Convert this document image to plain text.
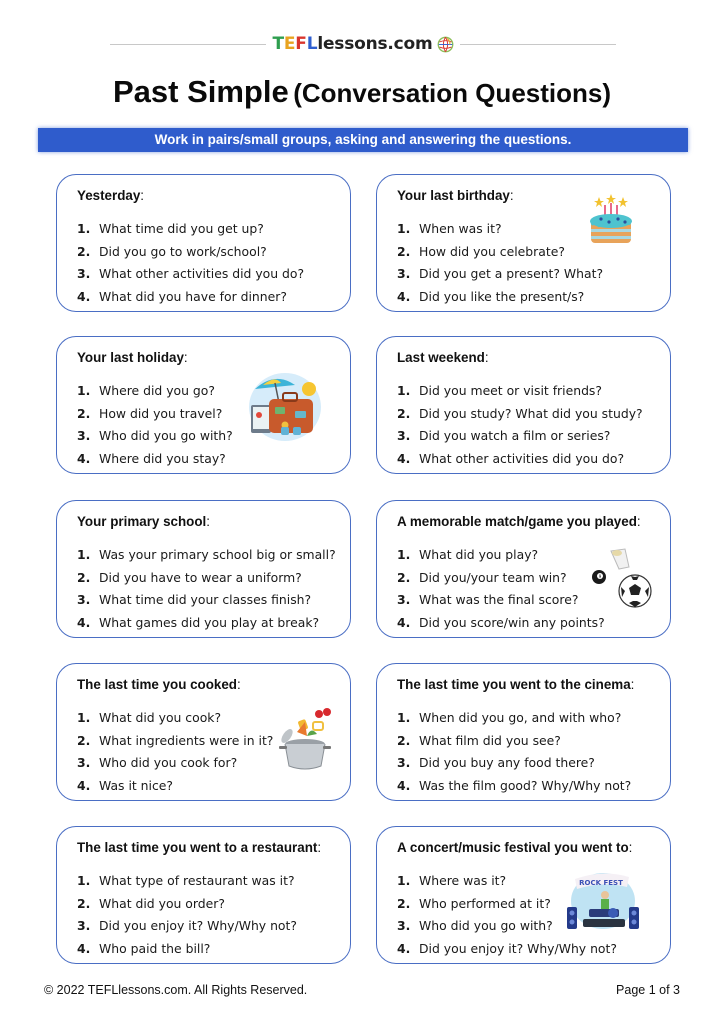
T E F L lessons.com
Past Simple (Conversation Questions)
Work in pairs/small groups, asking and answering the questions.
Yesterday:
1. What time did you get up?
2. Did you go to work/school?
3. What other activities did you do?
4. What did you have for dinner?
Your last birthday:
1. When was it?
2. How did you celebrate?
3. Did you get a present? What?
4. Did you like the present/s?
Your last holiday:
1. Where did you go?
2. How did you travel?
3. Who did you go with?
4. Where did you stay?
Last weekend:
1. Did you meet or visit friends?
2. Did you study? What did you study?
3. Did you watch a film or series?
4. What other activities did you do?
Your primary school:
1. Was your primary school big or small?
2. Did you have to wear a uniform?
3. What time did your classes finish?
4. What games did you play at break?
A memorable match/game you played:
1. What did you play?
2. Did you/your team win?
3. What was the final score?
4. Did you score/win any points?
9
The last time you cooked:
1. What did you cook?
2. What ingredients were in it?
3. Who did you cook for?
4. Was it nice?
The last time you went to the cinema:
1. When did you go, and with who?
2. What film did you see?
3. Did you buy any food there?
4. Was the film good? Why/Why not?
The last time you went to a restaurant:
1. What type of restaurant was it?
2. What did you order?
3. Did you enjoy it? Why/Why not?
4. Who paid the bill?
A concert/music festival you went to:
1. Where was it?
2. Who performed at it?
3. Who did you go with?
4. Did you enjoy it? Why/Why not?
ROCK FEST
© 2022 TEFLlessons.com. All Rights Reserved.	Page 1 of 3
